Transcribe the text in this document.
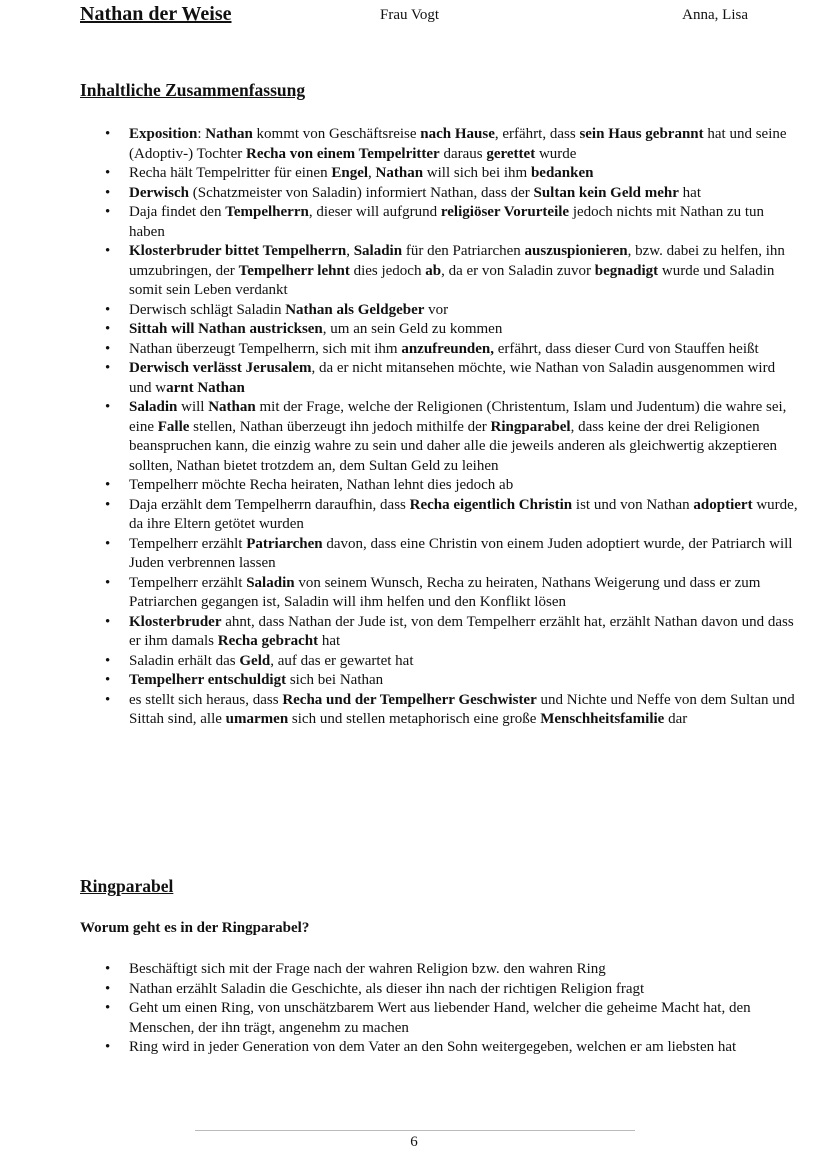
Nathan der Weise	Frau Vogt	Anna, Lisa
Inhaltliche Zusammenfassung
• Exposition: Nathan kommt von Geschäftsreise nach Hause, erfährt, dass sein Haus gebrannt hat und seine (Adoptiv-) Tochter Recha von einem Tempelritter daraus gerettet wurde
• Recha hält Tempelritter für einen Engel, Nathan will sich bei ihm bedanken
• Derwisch (Schatzmeister von Saladin) informiert Nathan, dass der Sultan kein Geld mehr hat
• Daja findet den Tempelherrn, dieser will aufgrund religiöser Vorurteile jedoch nichts mit Nathan zu tun haben
• Klosterbruder bittet Tempelherrn, Saladin für den Patriarchen auszuspionieren, bzw. dabei zu helfen, ihn umzubringen, der Tempelherr lehnt dies jedoch ab, da er von Saladin zuvor begnadigt wurde und Saladin somit sein Leben verdankt
• Derwisch schlägt Saladin Nathan als Geldgeber vor
• Sittah will Nathan austricksen, um an sein Geld zu kommen
• Nathan überzeugt Tempelherrn, sich mit ihm anzufreunden, erfährt, dass dieser Curd von Stauffen heißt
• Derwisch verlässt Jerusalem, da er nicht mitansehen möchte, wie Nathan von Saladin ausgenommen wird und warnt Nathan
• Saladin will Nathan mit der Frage, welche der Religionen (Christentum, Islam und Judentum) die wahre sei, eine Falle stellen, Nathan überzeugt ihn jedoch mithilfe der Ringparabel, dass keine der drei Religionen beanspruchen kann, die einzig wahre zu sein und daher alle die jeweils anderen als gleichwertig akzeptieren sollten, Nathan bietet trotzdem an, dem Sultan Geld zu leihen
• Tempelherr möchte Recha heiraten, Nathan lehnt dies jedoch ab
• Daja erzählt dem Tempelherrn daraufhin, dass Recha eigentlich Christin ist und von Nathan adoptiert wurde, da ihre Eltern getötet wurden
• Tempelherr erzählt Patriarchen davon, dass eine Christin von einem Juden adoptiert wurde, der Patriarch will Juden verbrennen lassen
• Tempelherr erzählt Saladin von seinem Wunsch, Recha zu heiraten, Nathans Weigerung und dass er zum Patriarchen gegangen ist, Saladin will ihm helfen und den Konflikt lösen
• Klosterbruder ahnt, dass Nathan der Jude ist, von dem Tempelherr erzählt hat, erzählt Nathan davon und dass er ihm damals Recha gebracht hat
• Saladin erhält das Geld, auf das er gewartet hat
• Tempelherr entschuldigt sich bei Nathan
• es stellt sich heraus, dass Recha und der Tempelherr Geschwister und Nichte und Neffe von dem Sultan und Sittah sind, alle umarmen sich und stellen metaphorisch eine große Menschheitsfamilie dar
Ringparabel

Worum geht es in der Ringparabel?

• Beschäftigt sich mit der Frage nach der wahren Religion bzw. den wahren Ring
• Nathan erzählt Saladin die Geschichte, als dieser ihn nach der richtigen Religion fragt
• Geht um einen Ring, von unschätzbarem Wert aus liebender Hand, welcher die geheime Macht hat, den Menschen, der ihn trägt, angenehm zu machen
• Ring wird in jeder Generation von dem Vater an den Sohn weitergegeben, welchen er am liebsten hat
6
